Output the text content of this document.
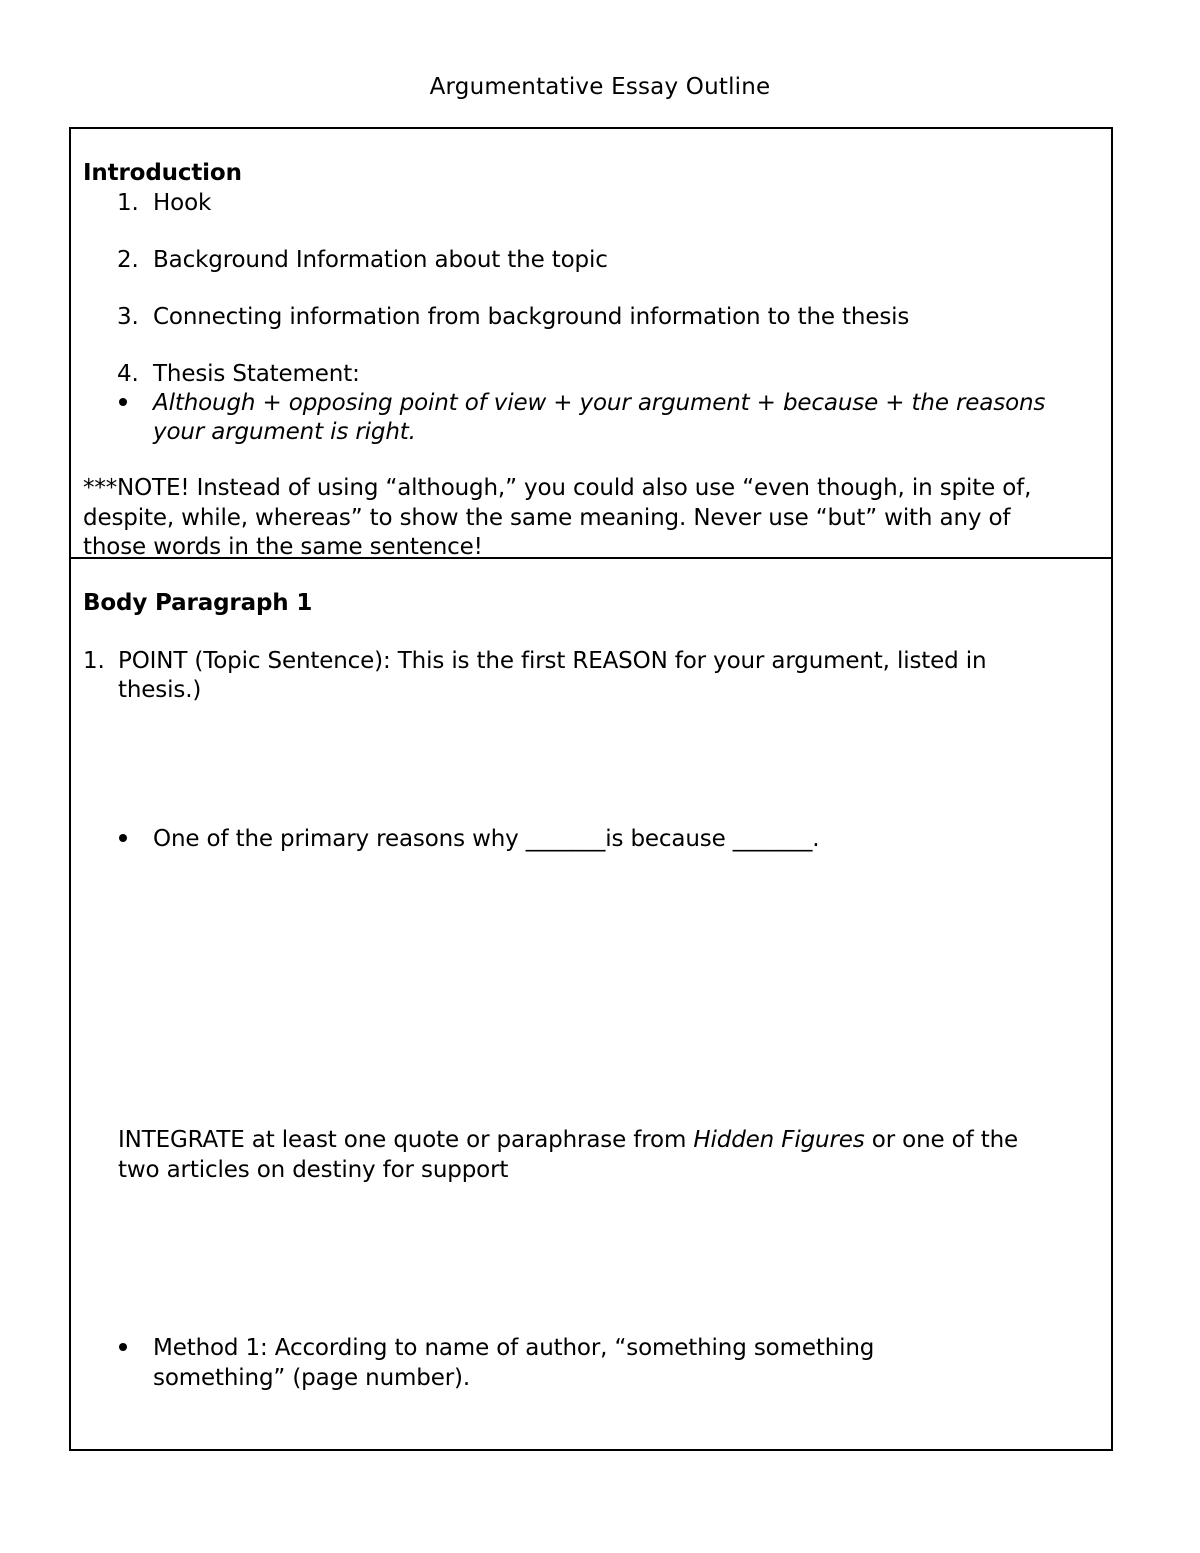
Argumentative Essay Outline
Introduction
1. Hook
2. Background Information about the topic
3. Connecting information from background information to the thesis
4. Thesis Statement:
Although + opposing point of view + your argument + because + the reasons
your argument is right.
***NOTE! Instead of using “although,” you could also use “even though, in spite of,
despite, while, whereas” to show the same meaning. Never use “but” with any of
those words in the same sentence!
Body Paragraph 1
1. POINT (Topic Sentence): This is the first REASON for your argument, listed in
thesis.)
One of the primary reasons why _______is because _______.
INTEGRATE at least one quote or paraphrase from Hidden Figures or one of the
two articles on destiny for support
Method 1: According to name of author, “something something
something” (page number).
